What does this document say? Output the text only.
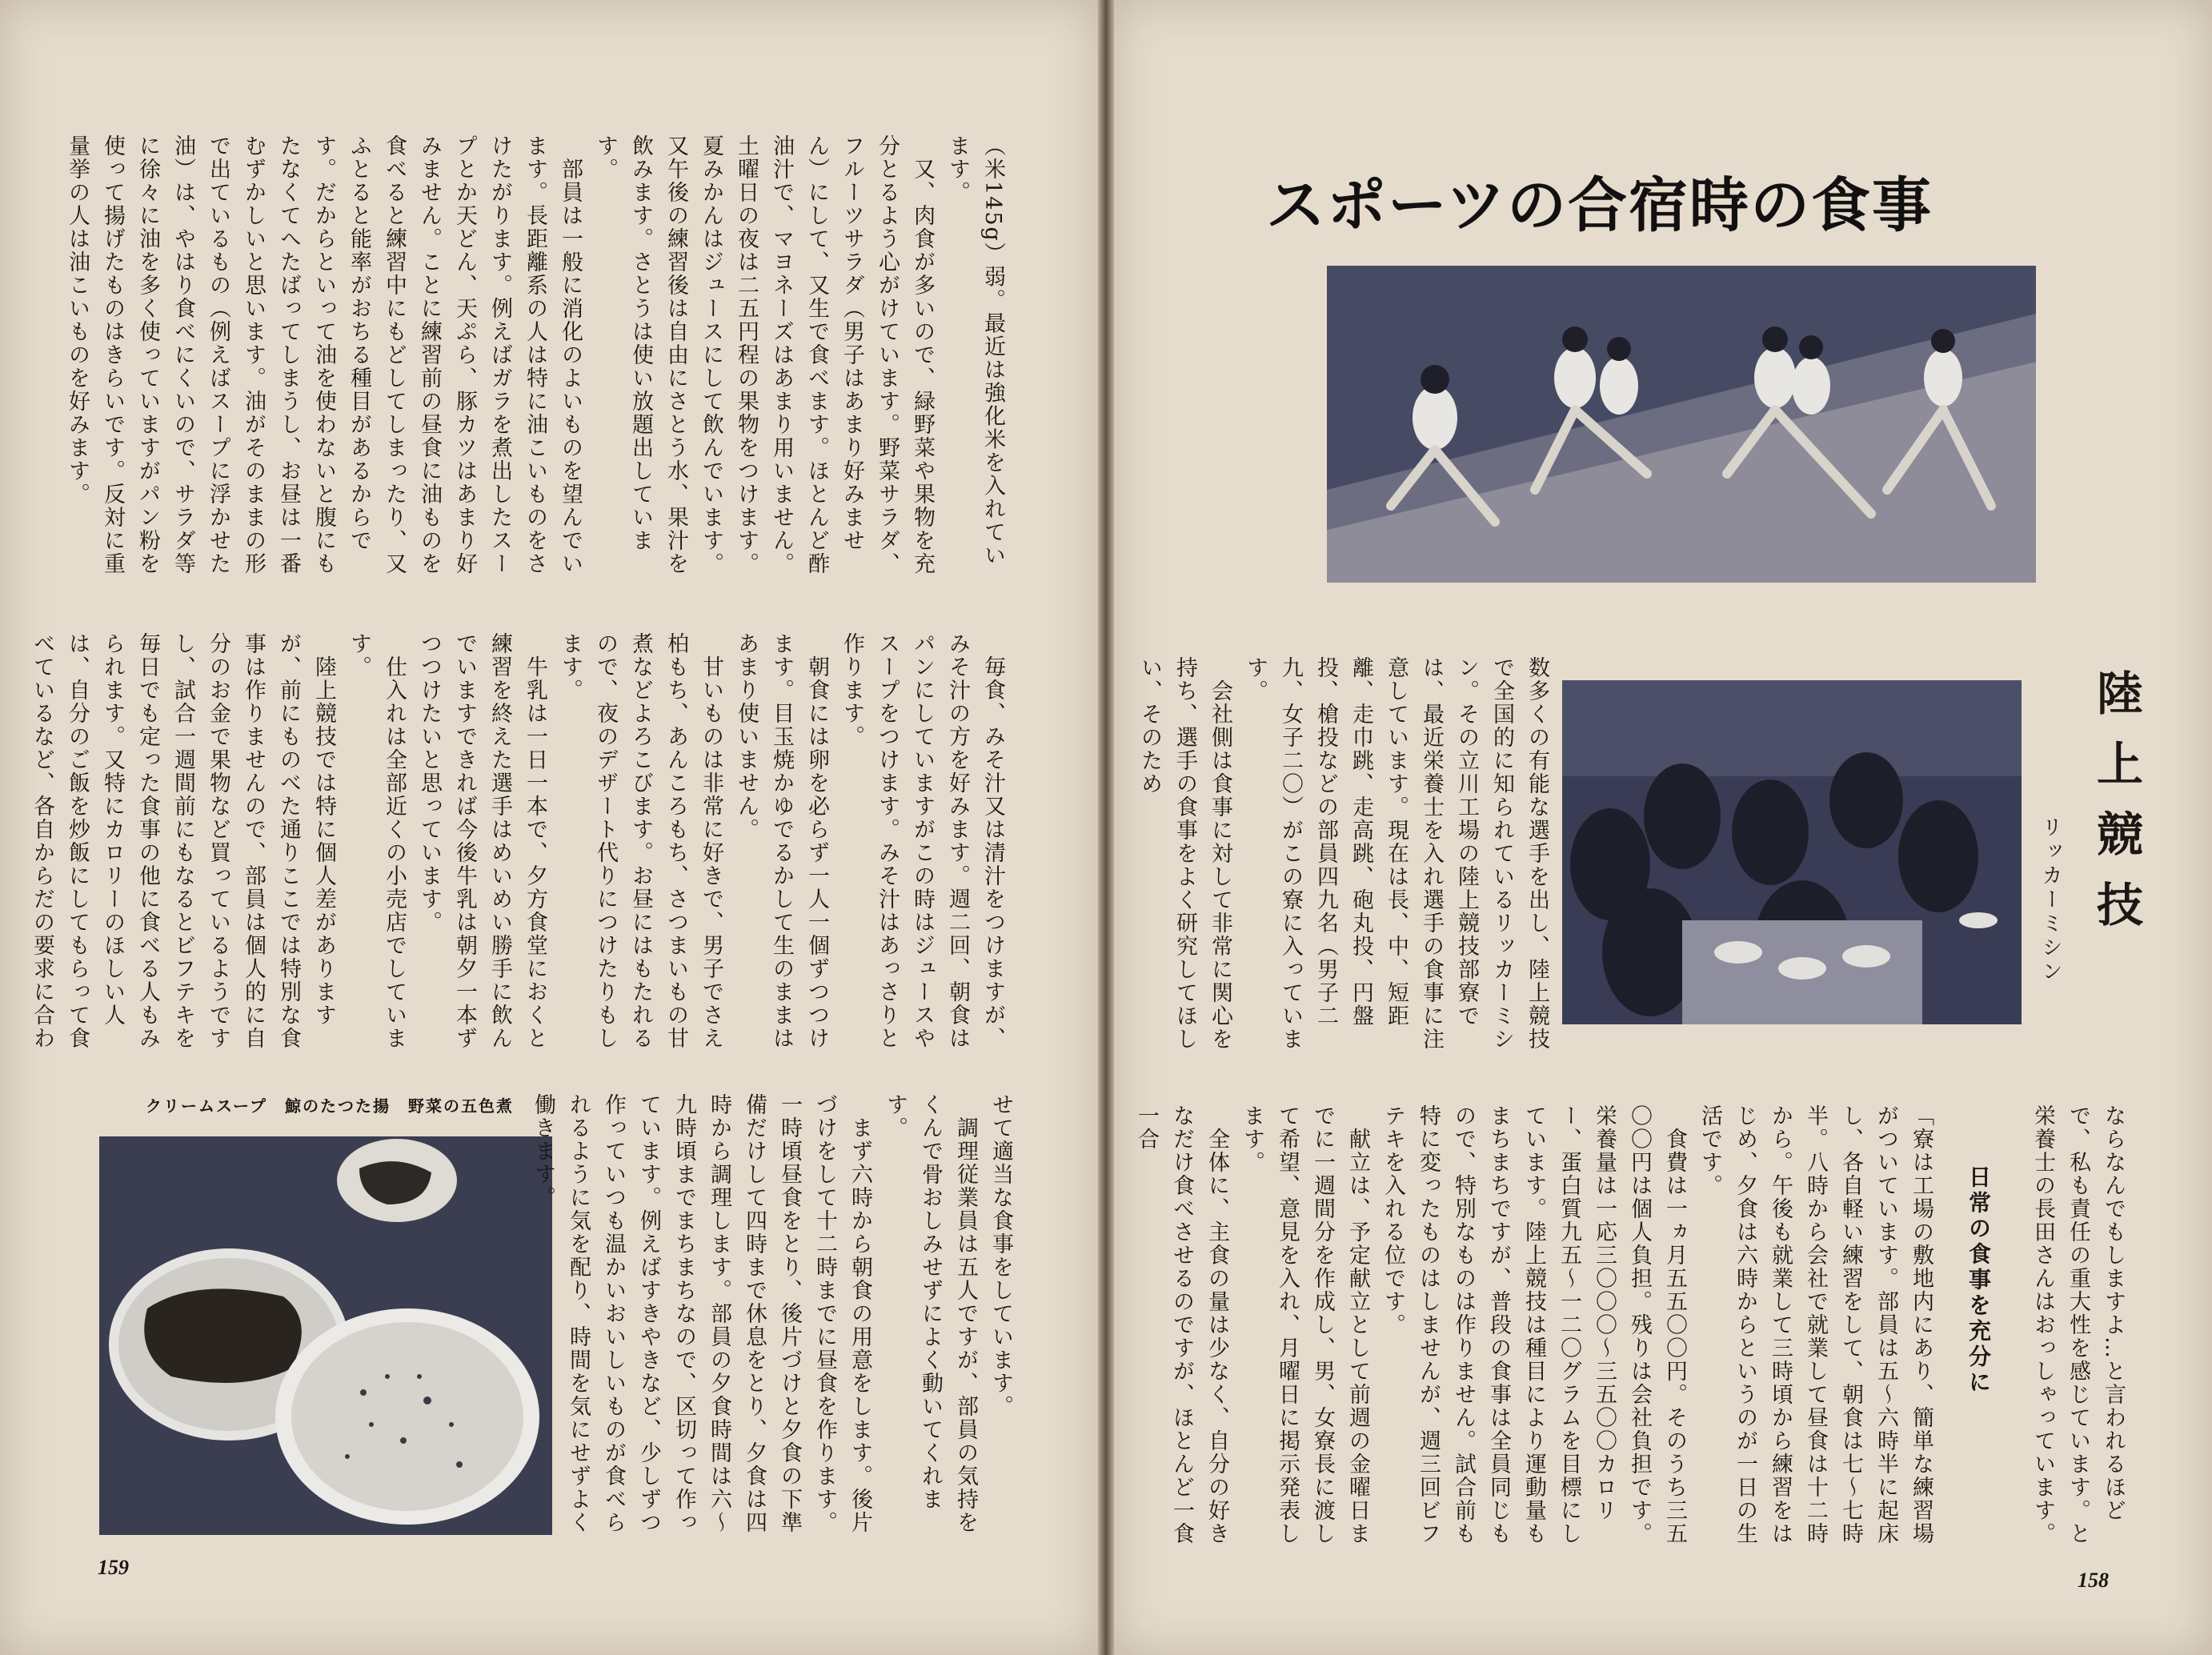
（米145g）弱。最近は強化米を入れています。
　又、肉食が多いので、緑野菜や果物を充分とるよう心がけています。野菜サラダ、フルーツサラダ（男子はあまり好みません）にして、又生で食べます。ほとんど酢油汁で、マヨネーズはあまり用いません。土曜日の夜は二五円程の果物をつけます。夏みかんはジュースにして飲んでいます。又午後の練習後は自由にさとう水、果汁を飲みます。さとうは使い放題出しています。
　部員は一般に消化のよいものを望んでいます。長距離系の人は特に油こいものをさけたがります。例えばガラを煮出したスープとか天どん、天ぷら、豚カツはあまり好みません。ことに練習前の昼食に油ものを食べると練習中にもどしてしまったり、又ふとると能率がおちる種目があるからです。だからといって油を使わないと腹にもたなくてへたばってしまうし、お昼は一番むずかしいと思います。油がそのままの形で出ているもの（例えばスープに浮かせた油）は、やはり食べにくいので、サラダ等に徐々に油を多く使っていますがパン粉を使って揚げたものはきらいです。反対に重量挙の人は油こいものを好みます。
　毎食、みそ汁又は清汁をつけますが、みそ汁の方を好みます。週二回、朝食はパンにしていますがこの時はジュースやスープをつけます。みそ汁はあっさりと作ります。
　朝食には卵を必らず一人一個ずつつけます。目玉焼かゆでるかして生のままはあまり使いません。
　甘いものは非常に好きで、男子でさえ柏もち、あんころもち、さつまいもの甘煮などよろこびます。お昼にはもたれるので、夜のデザート代りにつけたりもします。
　牛乳は一日一本で、夕方食堂におくと練習を終えた選手はめいめい勝手に飲んでいますできれば今後牛乳は朝夕一本ずつつけたいと思っています。
　仕入れは全部近くの小売店でしています。
　陸上競技では特に個人差がありますが、前にものべた通りここでは特別な食事は作りませんので、部員は個人的に自分のお金で果物など買っているようですし、試合一週間前にもなるとビフテキを毎日でも定った食事の他に食べる人もみられます。又特にカロリーのほしい人は、自分のご飯を炒飯にしてもらって食べているなど、各自からだの要求に合わ
クリームスープ　鯨のたつた揚　野菜の五色煮	せて適当な食事をしています。
　調理従業員は五人ですが、部員の気持をくんで骨おしみせずによく動いてくれます。
　まず六時から朝食の用意をします。後片づけをして十二時までに昼食を作ります。一時頃昼食をとり、後片づけと夕食の下準備だけして四時まで休息をとり、夕食は四時から調理します。部員の夕食時間は六〜九時頃までまちまちなので、区切って作っています。例えばすきやきなど、少しずつ作っていつも温かいおいしいものが食べられるように気を配り、時間を気にせずよく働きます。
159
スポーツの合宿時の食事
陸上競技
リッカーミシン
数多くの有能な選手を出し、陸上競技で全国的に知られているリッカーミシン。その立川工場の陸上競技部寮では、最近栄養士を入れ選手の食事に注意しています。現在は長、中、短距離、走巾跳、走高跳、砲丸投、円盤投、槍投などの部員四九名（男子二九、女子二〇）がこの寮に入っています。
　会社側は食事に対して非常に関心を持ち、選手の食事をよく研究してほしい、そのため
ならなんでもしますよ…と言われるほどで、私も責任の重大性を感じています。と栄養士の長田さんはおっしゃっています。
日常の食事を充分に
「寮は工場の敷地内にあり、簡単な練習場がついています。部員は五〜六時半に起床し、各自軽い練習をして、朝食は七〜七時半。八時から会社で就業して昼食は十二時から。午後も就業して三時頃から練習をはじめ、夕食は六時からというのが一日の生活です。
　食費は一ヵ月五五〇〇円。そのうち三五〇〇円は個人負担。残りは会社負担です。栄養量は一応三〇〇〇〜三五〇〇カロリー、蛋白質九五〜一二〇グラムを目標にしています。陸上競技は種目により運動量もまちまちですが、普段の食事は全員同じもので、特別なものは作りません。試合前も特に変ったものはしませんが、週三回ビフテキを入れる位です。
　献立は、予定献立として前週の金曜日までに一週間分を作成し、男、女寮長に渡して希望、意見を入れ、月曜日に掲示発表します。
　全体に、主食の量は少なく、自分の好きなだけ食べさせるのですが、ほとんど一食一合
158
